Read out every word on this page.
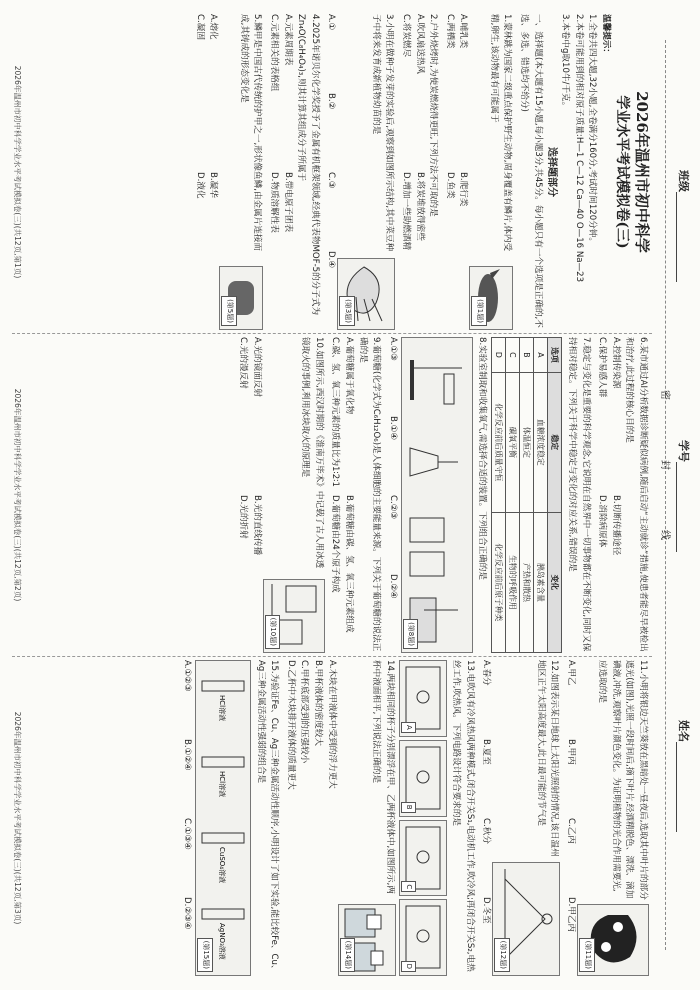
班级
学号
姓名
密封线
2026年温州市初中科学
学业水平考试模拟卷(三)
温馨提示：
1.全卷共四大题,32小题,全卷满分160分,考试时间120分钟。
2.本卷可能用到的相对原子质量:H—1 C—12 Ca—40 O—16 Na—23
3.本卷中g取10牛/千克。
选择题部分
一、选择题(本大题有15小题,每小题3分,共45分。每小题只有一个选项是正确的,不选、多选、错选均不给分)
1.蒙林跳为国家二级重点保护野生动物,周身覆盖有鳞片,体内受精,卵生,该动物最有可能属于
(第1题)
A.哺乳类
B.爬行类
C.两栖类
D.鱼类
2.户外烧烤时,为使炭燃烧得更旺,下列方法不可取的是
A.吹风扇送热风
B.将炭堆放得密些
C.将炭燃尽
D.增加一些助燃酒精
3.小明在做种子发芽的实验后,观察到如图所示结构,其中菜豆种子中将来发育成新植物幼苗的是
(第3题)
A.①
B.②
C.③
D.④
4.2025年诺贝尔化学奖授予了金属有机框架领域,经典代表物MOF-5的分子式为Zn₄O(C₈H₄O₄)₃,则其计算其组成分子所属于
A.元素周期表
B.带电原子团表
C.元素相关的表格组
D.物质溶解性表
5.鳞甲是中国古代传统的护甲之一,形状像鱼鳞,由金属片连接而成,其铸成的形态变化是
(第5题)
A.熔化
B.凝华
C.凝固
D.液化
2026年温州市初中科学学业水平考试模拟卷(三)(共12页,第1页)
6.某市通过AI分析数据诊断疑似病例,随后启动“主动就诊”措施,使患者能尽早被检出和治疗,此过程的核心目的是
A.控制传染源
B.切断传播途径
C.保护易感人群
D.消除病原体
7.稳定与变化是重要的科学观念,它说明在自然界中一切事物都在不断变化,同时又保持相对稳定。下列关于科学中稳定与变化的对应关系,错误的是
选项	稳定	变化
A	血糖浓度稳定	胰岛素含量
B	体温恒定	产热和散热
C	碳氧平衡	生物的呼吸作用
D	化学反应前后质量守恒	化学反应前后原子种类
8.实验室制取和收集氧气,需选择合适的装置。下列组合正确的是
(第8题)
A.①③
B.①④
C.②③
D.②④
9.葡萄糖(化学式为C₆H₁₂O₆)是人体细胞的主要能量来源。下列关于葡萄糖的说法正确的是
A.葡萄糖属于氧化物
B.葡萄糖由碳、氢、氧三种元素组成
C.碳、氢、氧三种元素的质量比为1∶2∶1
D.葡萄糖由24个原子构成
10.如图所示,西汉时期的《淮南万毕术》中记载了古人用冰透镜取火的事例,利用冰块取火的原理是
(第10题)
A.光的镜面反射
B.光的直线传播
C.光的漫反射
D.光的折射
2026年温州市初中科学学业水平考试模拟卷(三)(共12页,第2页)
11.小明将银边天竺葵放在黑暗处一昼夜后,选取其中叶片的部分遮光(如图),光照一段时间后,摘下叶片,经酒精脱色、漂洗、滴加碘液,冲洗,观察叶片颜色变化。为证明植物的光合作用需要光,应选取的是
(第11题)
A.甲乙
B.甲丙
C.乙丙
D.甲乙丙
12.如图表示某日地球上太阳光照射的情况,该日温州地区正午太阳高度最大,此日最可能的节气是
(第12题)
A.春分
B.夏至
C.秋分
D.冬至
13.电吹风有冷风热风两种模式,闭合开关S₁,电动机工作,吹冷风;再闭合开关S₂,电热丝工作,吹热风。下列电路设计符合要求的是
A
B
C
D
14.两块相同的杯子分别漂浮在甲、乙两杯液体中,如图所示,两杯中液面相平,下列说法正确的是
(第14题)
A.木块在甲液体中受到的浮力更大
B.甲杯液体的密度较大
C.甲杯底部受到的压强较小
D.乙杯中木块排开液体的质量更大
15.为验证Fe、Cu、Ag三种金属活动性顺序,小明设计了如下实验,能比较Fe、Cu、Ag三种金属活动性强弱的组合是
HCl溶液
HCl溶液
CuSO₄溶液
AgNO₃溶液
(第15题)
A.①②③
B.①②④
C.①③④
D.②③④
2026年温州市初中科学学业水平考试模拟卷(三)(共12页,第3页)
